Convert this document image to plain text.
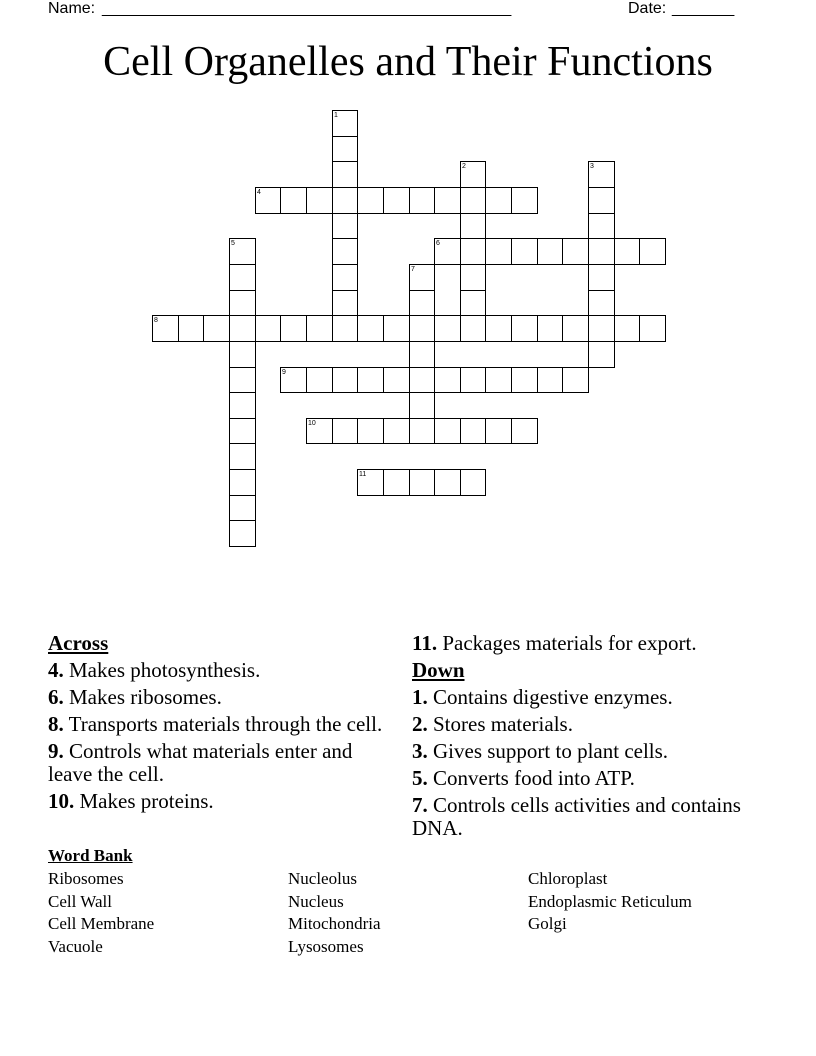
Name: ______________________________________________	Date: _______
Cell Organelles and Their Functions
4
6
8
9
10
11
1
2	3
5
7
Across
4. Makes photosynthesis.
6. Makes ribosomes.
8. Transports materials through the cell.
9. Controls what materials enter and leave the cell.
10. Makes proteins.
11. Packages materials for export.
Down
1. Contains digestive enzymes.
2. Stores materials.
3. Gives support to plant cells.
5. Converts food into ATP.
7. Controls cells activities and contains DNA.
Word Bank
Ribosomes
Cell Wall
Cell Membrane
Vacuole
Nucleolus
Nucleus
Mitochondria
Lysosomes
Chloroplast
Endoplasmic Reticulum
Golgi
